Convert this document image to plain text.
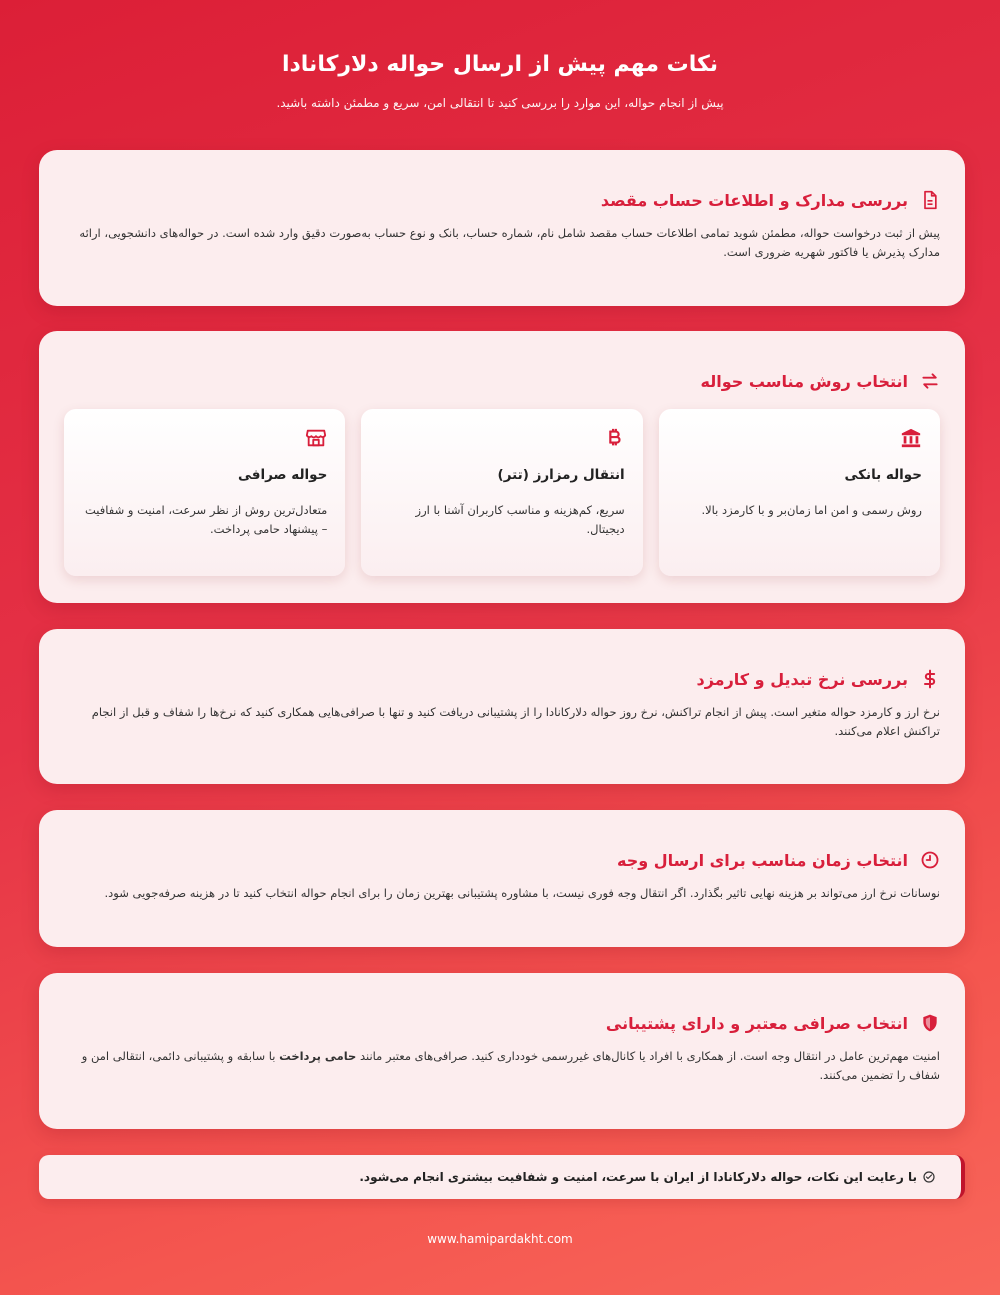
نکات مهم پیش از ارسال حواله دلارکانادا

پیش از انجام حواله، این موارد را بررسی کنید تا انتقالی امن، سریع و مطمئن داشته باشید.

بررسی مدارک و اطلاعات حساب مقصد

پیش از ثبت درخواست حواله، مطمئن شوید تمامی اطلاعات حساب مقصد شامل نام، شماره حساب، بانک و نوع حساب به‌صورت دقیق وارد شده است. در حواله‌های دانشجویی، ارائه مدارک پذیرش یا فاکتور شهریه ضروری است.

انتخاب روش مناسب حواله
حواله بانکی
روش رسمی و امن اما زمان‌بر و با کارمزد بالا.
انتقال رمزارز (تتر)
سریع، کم‌هزینه و مناسب کاربران آشنا با ارز دیجیتال.
حواله صرافی
متعادل‌ترین روش از نظر سرعت، امنیت و شفافیت – پیشنهاد حامی پرداخت.
بررسی نرخ تبدیل و کارمزد

نرخ ارز و کارمزد حواله متغیر است. پیش از انجام تراکنش، نرخ روز حواله دلارکانادا را از پشتیبانی دریافت کنید و تنها با صرافی‌هایی همکاری کنید که نرخ‌ها را شفاف و قبل از انجام تراکنش اعلام می‌کنند.

انتخاب زمان مناسب برای ارسال وجه

نوسانات نرخ ارز می‌تواند بر هزینه نهایی تاثیر بگذارد. اگر انتقال وجه فوری نیست، با مشاوره پشتیبانی بهترین زمان را برای انجام حواله انتخاب کنید تا در هزینه صرفه‌جویی شود.

انتخاب صرافی معتبر و دارای پشتیبانی

امنیت مهم‌ترین عامل در انتقال وجه است. از همکاری با افراد یا کانال‌های غیررسمی خودداری کنید. صرافی‌های معتبر مانند حامی پرداخت با سابقه و پشتیبانی دائمی، انتقالی امن و شفاف را تضمین می‌کنند.

با رعایت این نکات، حواله دلارکانادا از ایران با سرعت، امنیت و شفافیت بیشتری انجام می‌شود.
www.hamipardakht.com
